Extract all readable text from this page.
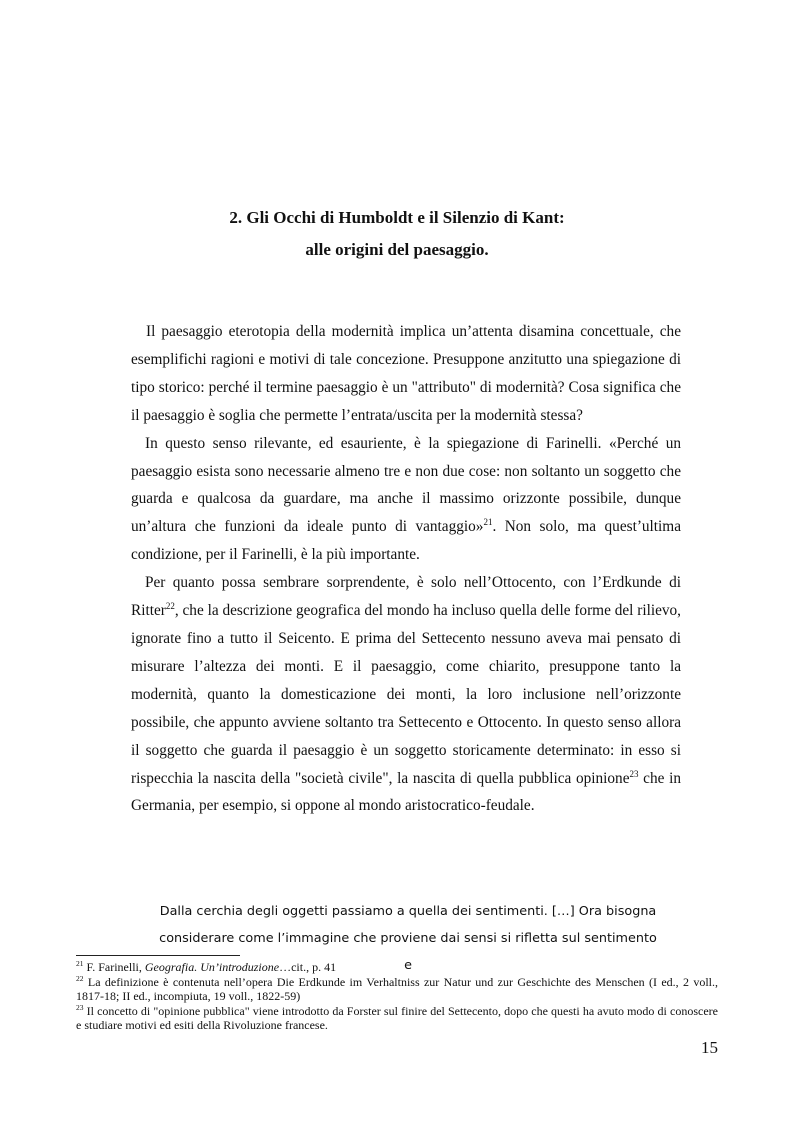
2. Gli Occhi di Humboldt e il Silenzio di Kant:
alle origini del paesaggio.

Il paesaggio eterotopia della modernità implica un’attenta disamina concettuale, che esemplifichi ragioni e motivi di tale concezione. Presuppone anzitutto una spiegazione di tipo storico: perché il termine paesaggio è un "attributo" di modernità? Cosa significa che il paesaggio è soglia che permette l’entrata/uscita per la modernità stessa?

In questo senso rilevante, ed esauriente, è la spiegazione di Farinelli. «Perché un paesaggio esista sono necessarie almeno tre e non due cose: non soltanto un soggetto che guarda e qualcosa da guardare, ma anche il massimo orizzonte possibile, dunque un’altura che funzioni da ideale punto di vantaggio»$^{21}$. Non solo, ma quest’ultima condizione, per il Farinelli, è la più importante.

Per quanto possa sembrare sorprendente, è solo nell’Ottocento, con l’Erdkunde di Ritter$^{22}$, che la descrizione geografica del mondo ha incluso quella delle forme del rilievo, ignorate fino a tutto il Seicento. E prima del Settecento nessuno aveva mai pensato di misurare l’altezza dei monti. E il paesaggio, come chiarito, presuppone tanto la modernità, quanto la domesticazione dei monti, la loro inclusione nell’orizzonte possibile, che appunto avviene soltanto tra Settecento e Ottocento. In questo senso allora il soggetto che guarda il paesaggio è un soggetto storicamente determinato: in esso si rispecchia la nascita della "società civile", la nascita di quella pubblica opinione$^{23}$ che in Germania, per esempio, si oppone al mondo aristocratico-feudale.

Dalla cerchia degli oggetti passiamo a quella dei sentimenti. […] Ora bisogna

considerare come l’immagine che proviene dai sensi si rifletta sul sentimento e

$^{21}$ F. Farinelli, Geografia. Un’introduzione…cit., p. 41

$^{22}$ La definizione è contenuta nell’opera Die Erdkunde im Verhaltniss zur Natur und zur Geschichte des Menschen (I ed., 2 voll., 1817-18; II ed., incompiuta, 19 voll., 1822-59)

$^{23}$ Il concetto di "opinione pubblica" viene introdotto da Forster sul finire del Settecento, dopo che questi ha avuto modo di conoscere e studiare motivi ed esiti della Rivoluzione francese.

15
